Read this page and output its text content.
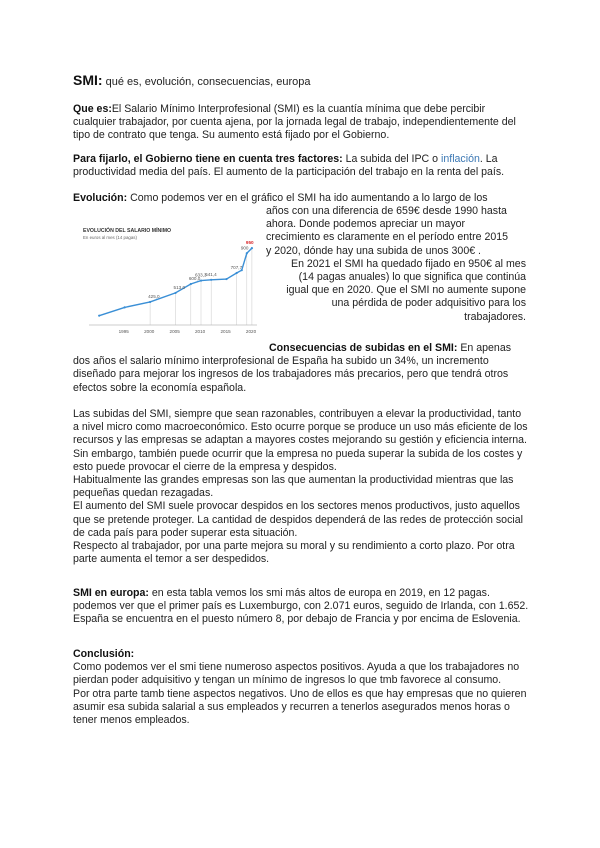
SMI: qué es, evolución, consecuencias, europa

Que es:El Salario Mínimo Interprofesional (SMI) es la cuantía mínima que debe percibir cualquier trabajador, por cuenta ajena, por la jornada legal de trabajo, independientemente del tipo de contrato que tenga. Su aumento está fijado por el Gobierno.

Para fijarlo, el Gobierno tiene en cuenta tres factores: La subida del IPC o inflación. La productividad media del país. El aumento de la participación del trabajo en la renta del país.

Evolución: Como podemos ver en el gráfico el SMI ha ido aumentando a lo largo de los

EVOLUCIÓN DEL SALARIO MÍNIMO
En euros al mes (14 pagas)
425,0
513,0
600,0
633,3
641,4
707,7
900
950
1995	2000	2005	2010	2015	2020
años con una diferencia de 659€ desde 1990 hasta
ahora. Donde podemos apreciar un mayor
crecimiento es claramente en el período entre 2015
y 2020, dónde hay una subida de unos 300€ .
En 2021 el SMI ha quedado fijado en 950€ al mes
(14 pagas anuales) lo que significa que continúa
igual que en 2020. Que el SMI no aumente supone
una pérdida de poder adquisitivo para los
trabajadores.

Consecuencias de subidas en el SMI: En apenas dos años el salario mínimo interprofesional de España ha subido un 34%, un incremento diseñado para mejorar los ingresos de los trabajadores más precarios, pero que tendrá otros efectos sobre la economía española.

Las subidas del SMI, siempre que sean razonables, contribuyen a elevar la productividad, tanto a nivel micro como macroeconómico. Esto ocurre porque se produce un uso más eficiente de los recursos y las empresas se adaptan a mayores costes mejorando su gestión y eficiencia interna.

Sin embargo, también puede ocurrir que la empresa no pueda superar la subida de los costes y esto puede provocar el cierre de la empresa y despidos.

Habitualmente las grandes empresas son las que aumentan la productividad mientras que las pequeñas quedan rezagadas.

El aumento del SMI suele provocar despidos en los sectores menos productivos, justo aquellos que se pretende proteger. La cantidad de despidos dependerá de las redes de protección social de cada país para poder superar esta situación.

Respecto al trabajador, por una parte mejora su moral y su rendimiento a corto plazo. Por otra parte aumenta el temor a ser despedidos.

SMI en europa: en esta tabla vemos los smi más altos de europa en 2019, en 12 pagas. podemos ver que el primer país es Luxemburgo, con 2.071 euros, seguido de Irlanda, con 1.652. España se encuentra en el puesto número 8, por debajo de Francia y por encima de Eslovenia.

Conclusión:

Como podemos ver el smi tiene numeroso aspectos positivos. Ayuda a que los trabajadores no pierdan poder adquisitivo y tengan un mínimo de ingresos lo que tmb favorece al consumo.

Por otra parte tamb tiene aspectos negativos. Uno de ellos es que hay empresas que no quieren asumir esa subida salarial a sus empleados y recurren a tenerlos asegurados menos horas o tener menos empleados.
